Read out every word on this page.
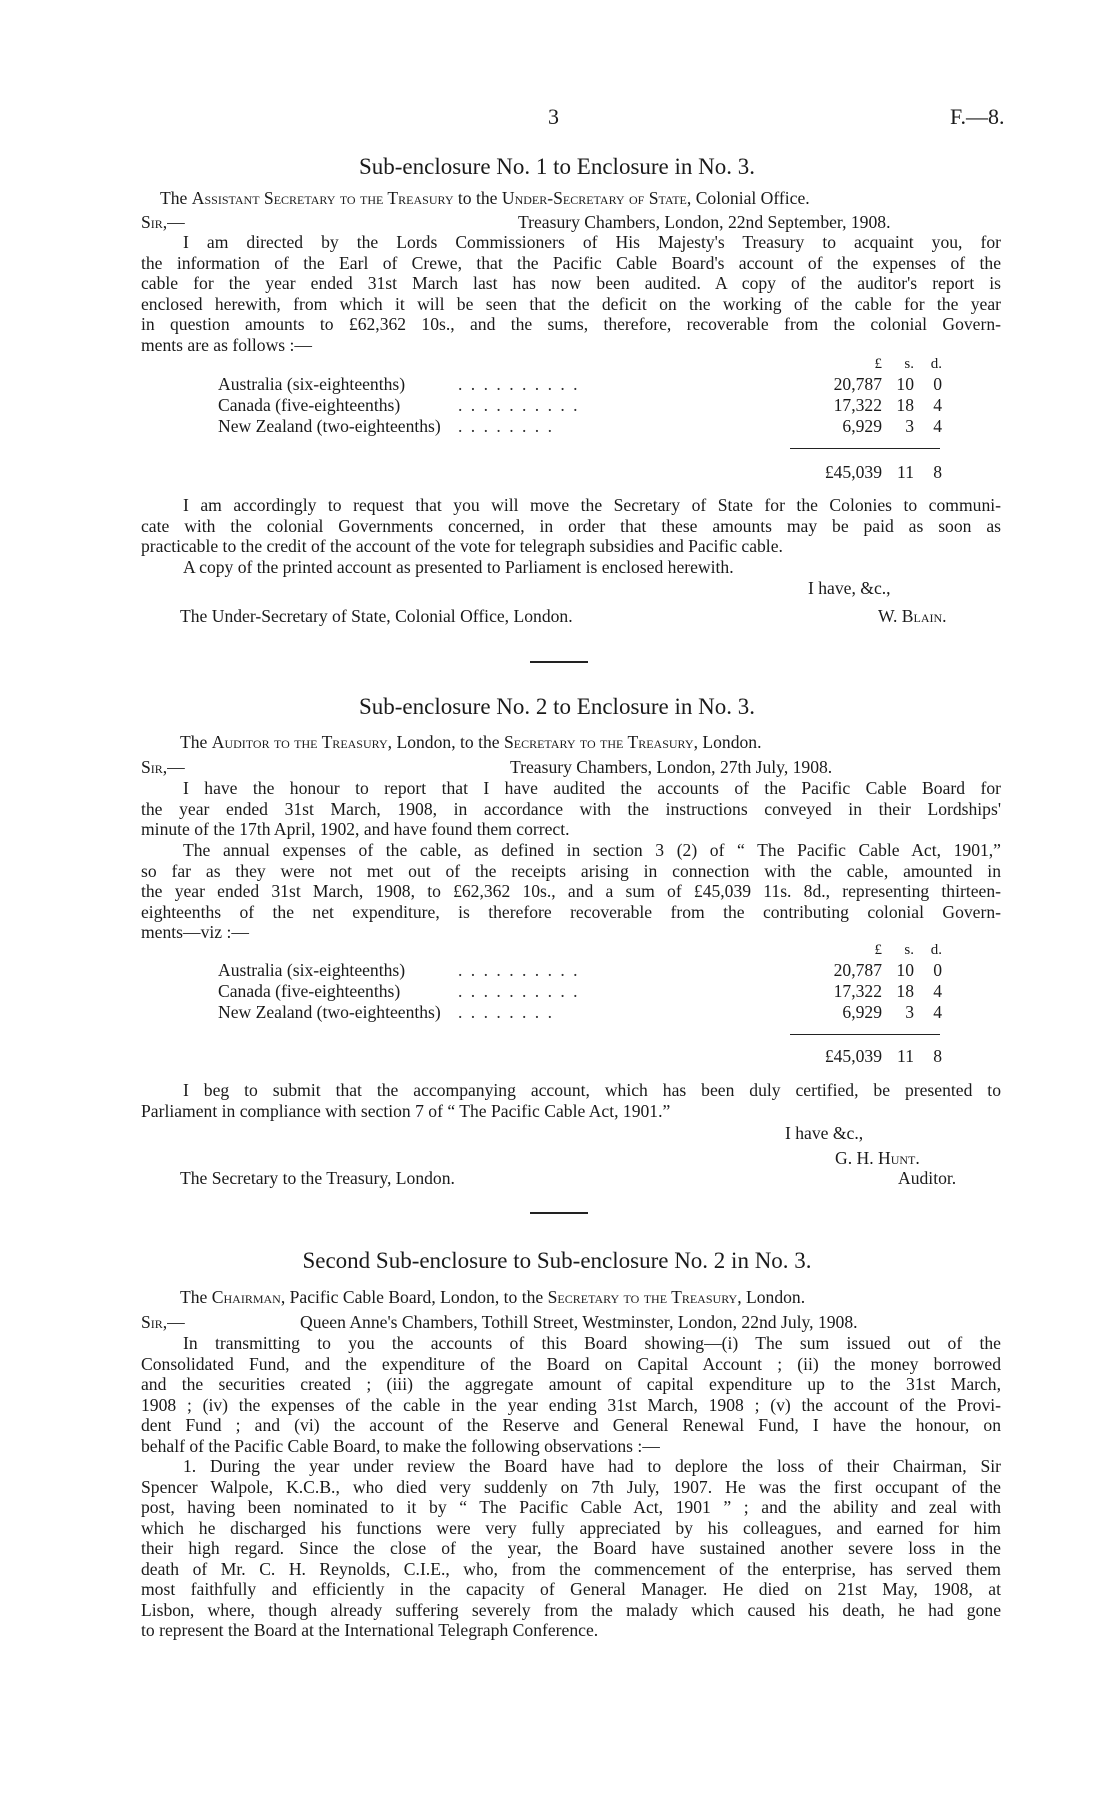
3	F.—8.
Sub-enclosure No. 1 to Enclosure in No. 3.
The Assistant Secretary to the Treasury to the Under-Secretary of State, Colonial Office.
Sir,—	Treasury Chambers, London, 22nd September, 1908.
I am directed by the Lords Commissioners of His Majesty's Treasury to acquaint you, for
the information of the Earl of Crewe, that the Pacific Cable Board's account of the expenses of the
cable for the year ended 31st March last has now been audited. A copy of the auditor's report is
enclosed herewith, from which it will be seen that the deficit on the working of the cable for the year
in question amounts to £62,362 10s., and the sums, therefore, recoverable from the colonial Govern-
ments are as follows :—
£	s.	d.
Australia (six-eighteenths)	. . . . . . . . . .	20,787 10	0
Canada (five-eighteenths)	. . . . . . . . . .	17,322 18	4
New Zealand (two-eighteenths) . . . . . . . .	6,929	3	4
£45,039 11	8
I am accordingly to request that you will move the Secretary of State for the Colonies to communi-
cate with the colonial Governments concerned, in order that these amounts may be paid as soon as
practicable to the credit of the account of the vote for telegraph subsidies and Pacific cable.
A copy of the printed account as presented to Parliament is enclosed herewith.
I have, &c.,
The Under-Secretary of State, Colonial Office, London.	W. Blain.
Sub-enclosure No. 2 to Enclosure in No. 3.
The Auditor to the Treasury, London, to the Secretary to the Treasury, London.
Sir,—	Treasury Chambers, London, 27th July, 1908.
I have the honour to report that I have audited the accounts of the Pacific Cable Board for
the year ended 31st March, 1908, in accordance with the instructions conveyed in their Lordships'
minute of the 17th April, 1902, and have found them correct.
The annual expenses of the cable, as defined in section 3 (2) of “ The Pacific Cable Act, 1901,”
so far as they were not met out of the receipts arising in connection with the cable, amounted in
the year ended 31st March, 1908, to £62,362 10s., and a sum of £45,039 11s. 8d., representing thirteen-
eighteenths of the net expenditure, is therefore recoverable from the contributing colonial Govern-
ments—viz :—
£	s.	d.
Australia (six-eighteenths)	. . . . . . . . . .	20,787 10	0
Canada (five-eighteenths)	. . . . . . . . . .	17,322 18	4
New Zealand (two-eighteenths) . . . . . . . .	6,929	3	4
£45,039 11	8
I beg to submit that the accompanying account, which has been duly certified, be presented to
Parliament in compliance with section 7 of “ The Pacific Cable Act, 1901.”
I have &c.,
G. H. Hunt.
The Secretary to the Treasury, London.	Auditor.
Second Sub-enclosure to Sub-enclosure No. 2 in No. 3.
The Chairman, Pacific Cable Board, London, to the Secretary to the Treasury, London.
Sir,—	Queen Anne's Chambers, Tothill Street, Westminster, London, 22nd July, 1908.
In transmitting to you the accounts of this Board showing—(i) The sum issued out of the
Consolidated Fund, and the expenditure of the Board on Capital Account ; (ii) the money borrowed
and the securities created ; (iii) the aggregate amount of capital expenditure up to the 31st March,
1908 ; (iv) the expenses of the cable in the year ending 31st March, 1908 ; (v) the account of the Provi-
dent Fund ; and (vi) the account of the Reserve and General Renewal Fund, I have the honour, on
behalf of the Pacific Cable Board, to make the following observations :—
1. During the year under review the Board have had to deplore the loss of their Chairman, Sir
Spencer Walpole, K.C.B., who died very suddenly on 7th July, 1907. He was the first occupant of the
post, having been nominated to it by “ The Pacific Cable Act, 1901 ” ; and the ability and zeal with
which he discharged his functions were very fully appreciated by his colleagues, and earned for him
their high regard. Since the close of the year, the Board have sustained another severe loss in the
death of Mr. C. H. Reynolds, C.I.E., who, from the commencement of the enterprise, has served them
most faithfully and efficiently in the capacity of General Manager. He died on 21st May, 1908, at
Lisbon, where, though already suffering severely from the malady which caused his death, he had gone
to represent the Board at the International Telegraph Conference.
